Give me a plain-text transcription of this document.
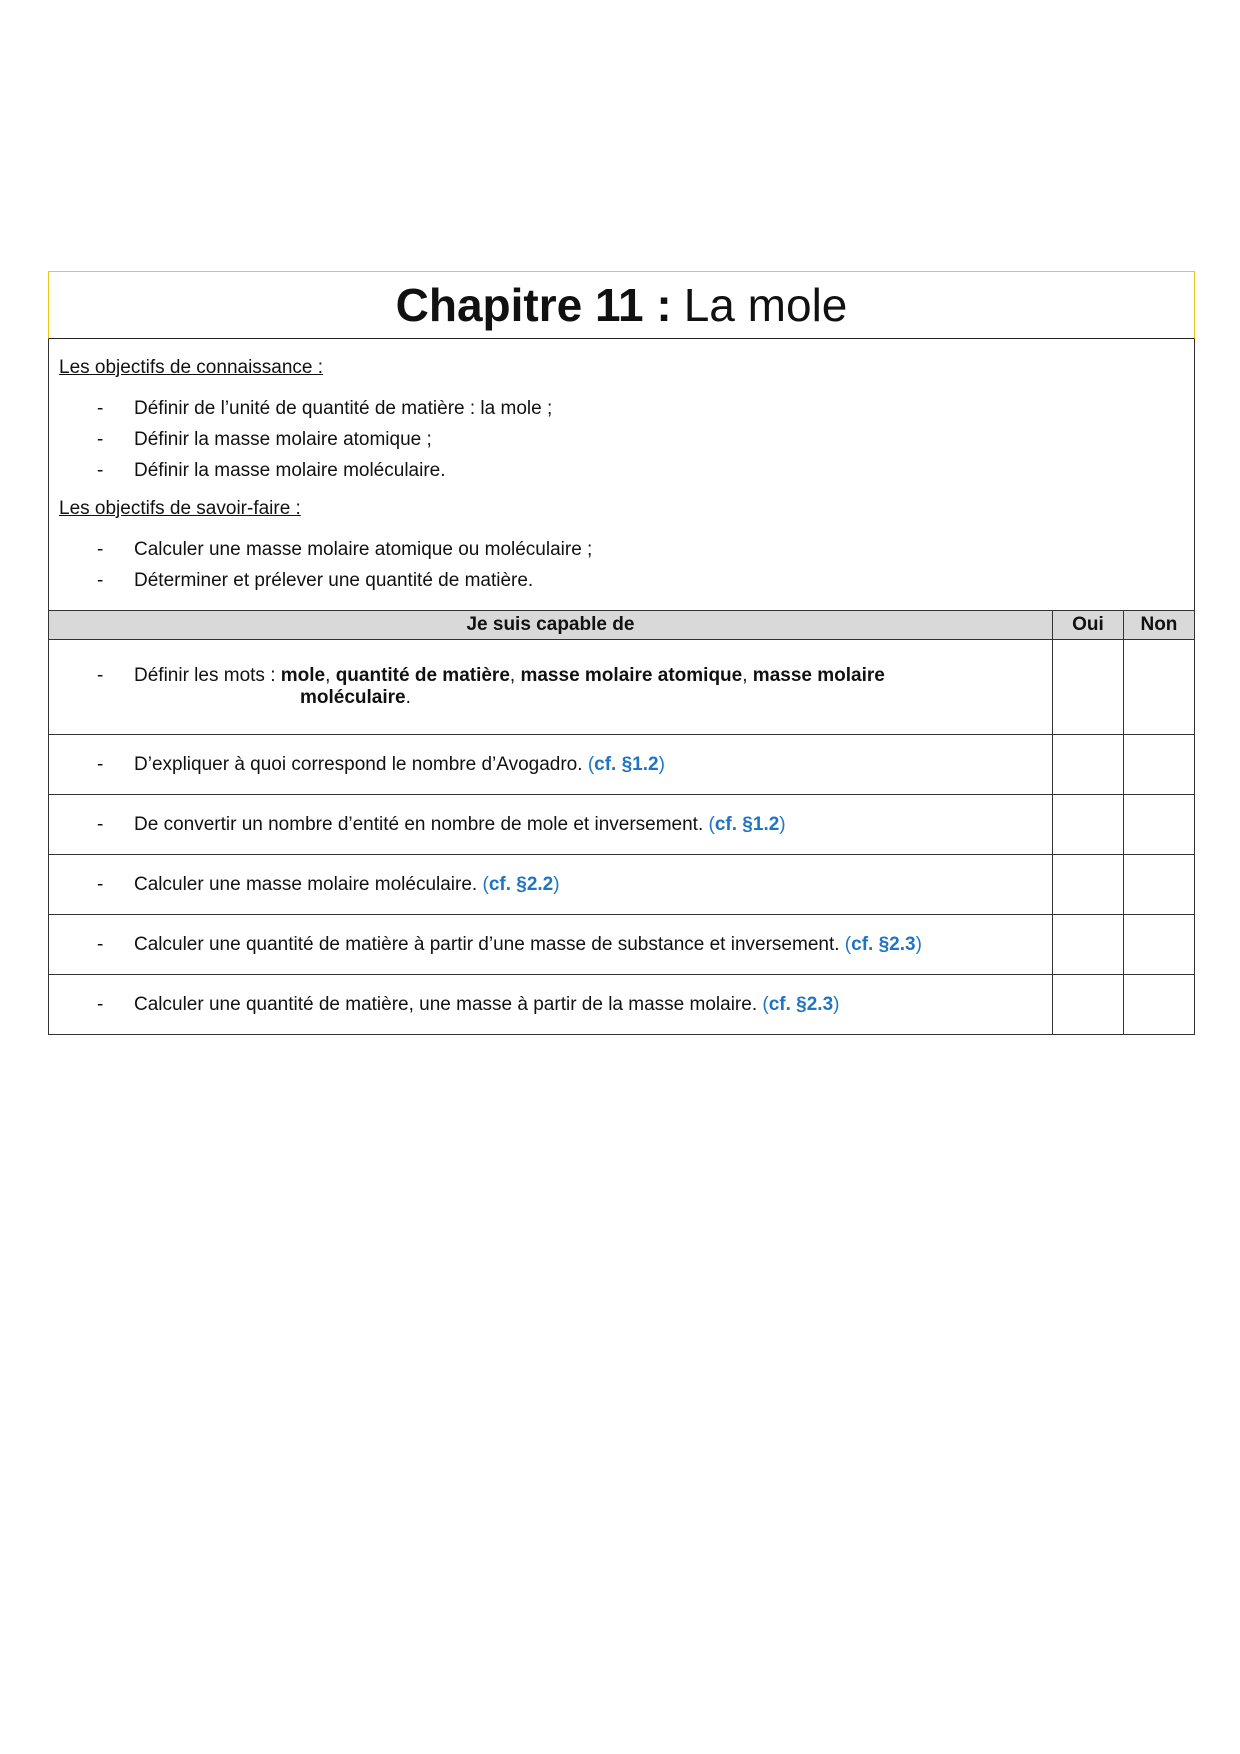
Chapitre 11 : La mole

Les objectifs de connaissance :

-	Définir de l’unité de quantité de matière : la mole ;
-	Définir la masse molaire atomique ;
-	Définir la masse molaire moléculaire.

Les objectifs de savoir-faire :

-	Calculer une masse molaire atomique ou moléculaire ;
-	Déterminer et prélever une quantité de matière.
Je suis capable de	Oui	Non

- Définir les mots : mole, quantité de matière, masse molaire atomique, masse molaire
moléculaire.		

- D’expliquer à quoi correspond le nombre d’Avogadro. (cf. §1.2)		

- De convertir un nombre d’entité en nombre de mole et inversement. (cf. §1.2)		

- Calculer une masse molaire moléculaire. (cf. §2.2)		

- Calculer une quantité de matière à partir d’une masse de substance et inversement. (cf. §2.3)		

- Calculer une quantité de matière, une masse à partir de la masse molaire. (cf. §2.3)		
